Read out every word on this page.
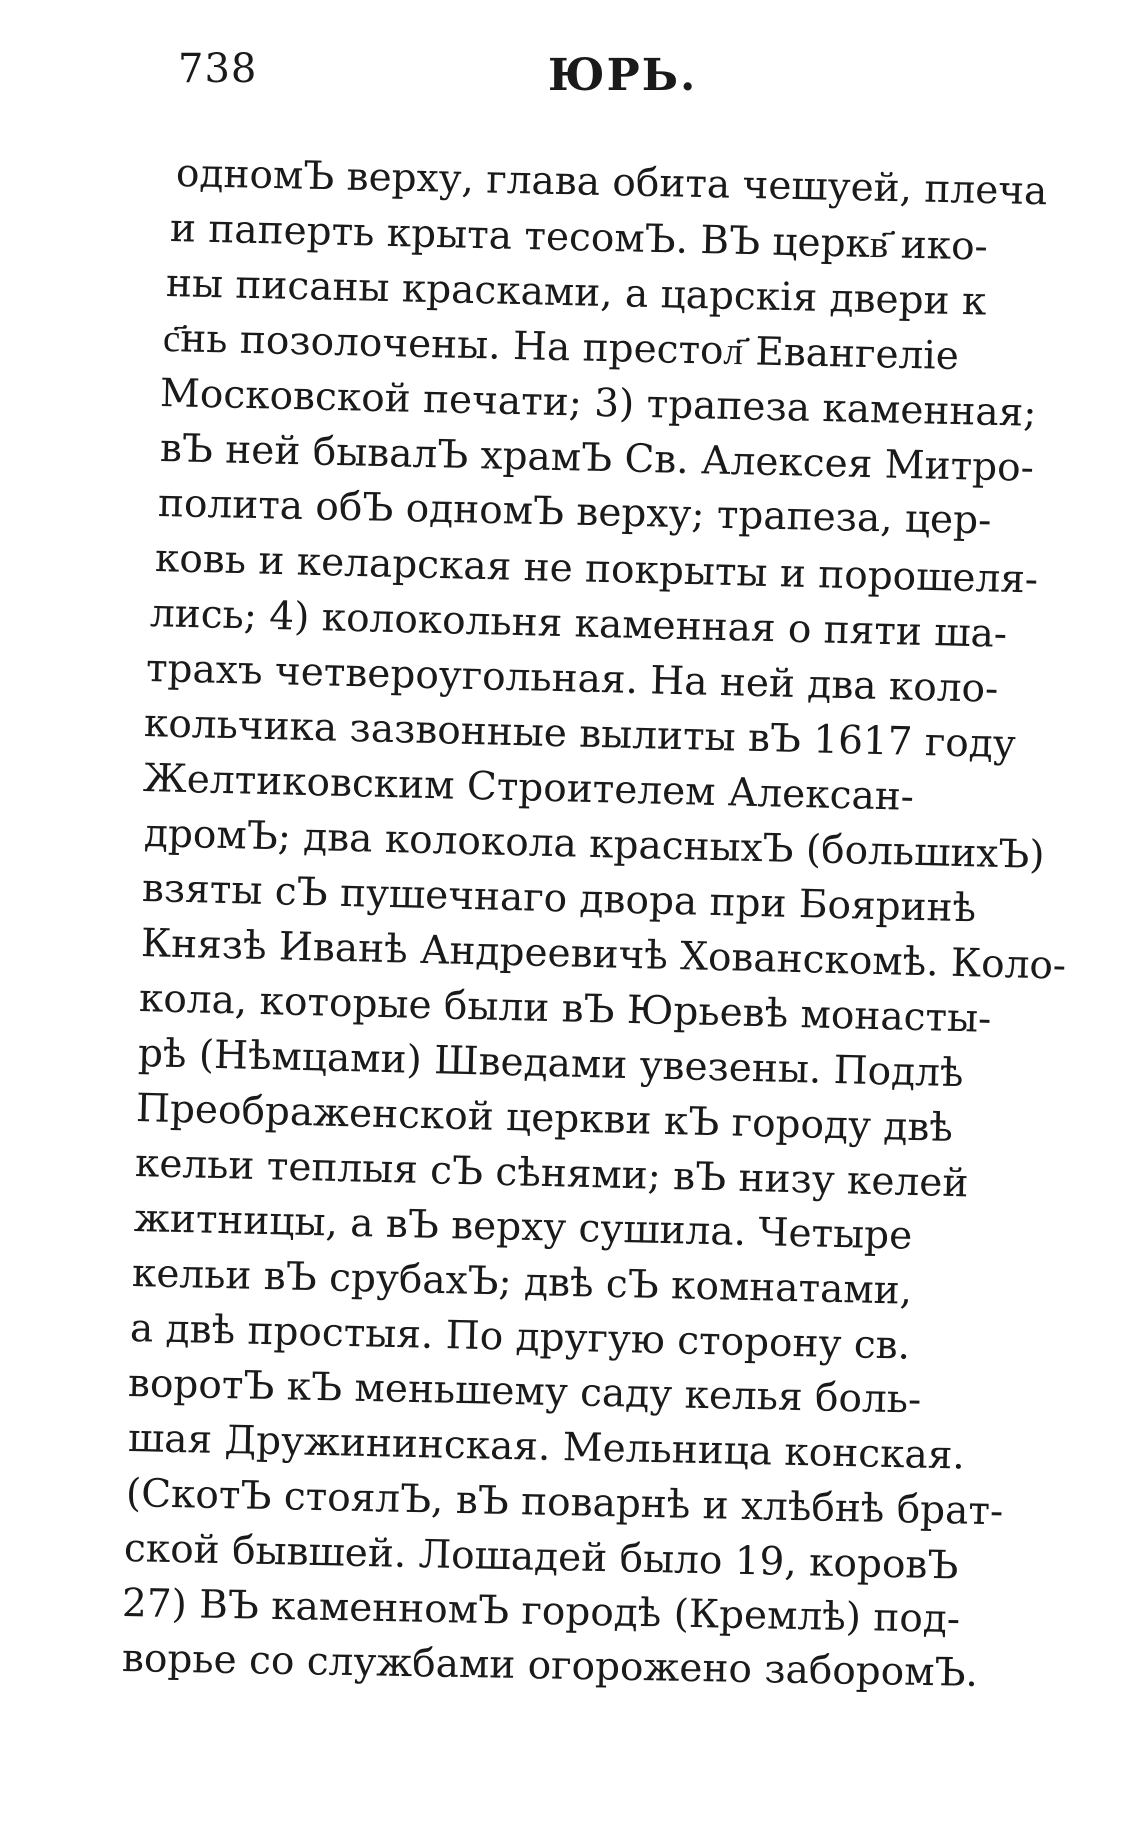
738	ЮРЬ.
одномЪ верху, глава обита чешуей, плеча
и паперть крыта тесомЪ. ВЪ церкв҃ ико-
ны писаны красками, а царскія двери к
с҃нь позолочены. На престол҃ Евангеліе
Московской печати; 3) трапеза каменная;
вЪ ней бывалЪ храмЪ Св. Алексея Митро-
полита обЪ одномЪ верху; трапеза, цер-
ковь и келарская не покрыты и порошеля-
лись; 4) колокольня каменная о пяти ша-
трахъ четвероугольная. На ней два коло-
кольчика зазвонные вылиты вЪ 1617 году
Желтиковским Строителем Алексан-
дромЪ; два колокола красныхЪ (большихЪ)
взяты сЪ пушечнаго двора при Бояринѣ
Князѣ Иванѣ Андреевичѣ Хованскомѣ. Коло-
кола, которые были вЪ Юрьевѣ монасты-
рѣ (Нѣмцами) Шведами увезены. Подлѣ
Преображенской церкви кЪ городу двѣ
кельи теплыя сЪ сѣнями; вЪ низу келей
житницы, а вЪ верху сушила. Четыре
кельи вЪ срубахЪ; двѣ сЪ комнатами,
а двѣ простыя. По другую сторону св.
воротЪ кЪ меньшему саду келья боль-
шая Дружининская. Мельница конская.
(СкотЪ стоялЪ, вЪ поварнѣ и хлѣбнѣ брат-
ской бывшей. Лошадей было 19, коровЪ
27) ВЪ каменномЪ городѣ (Кремлѣ) под-
ворье со службами огорожено заборомЪ.
